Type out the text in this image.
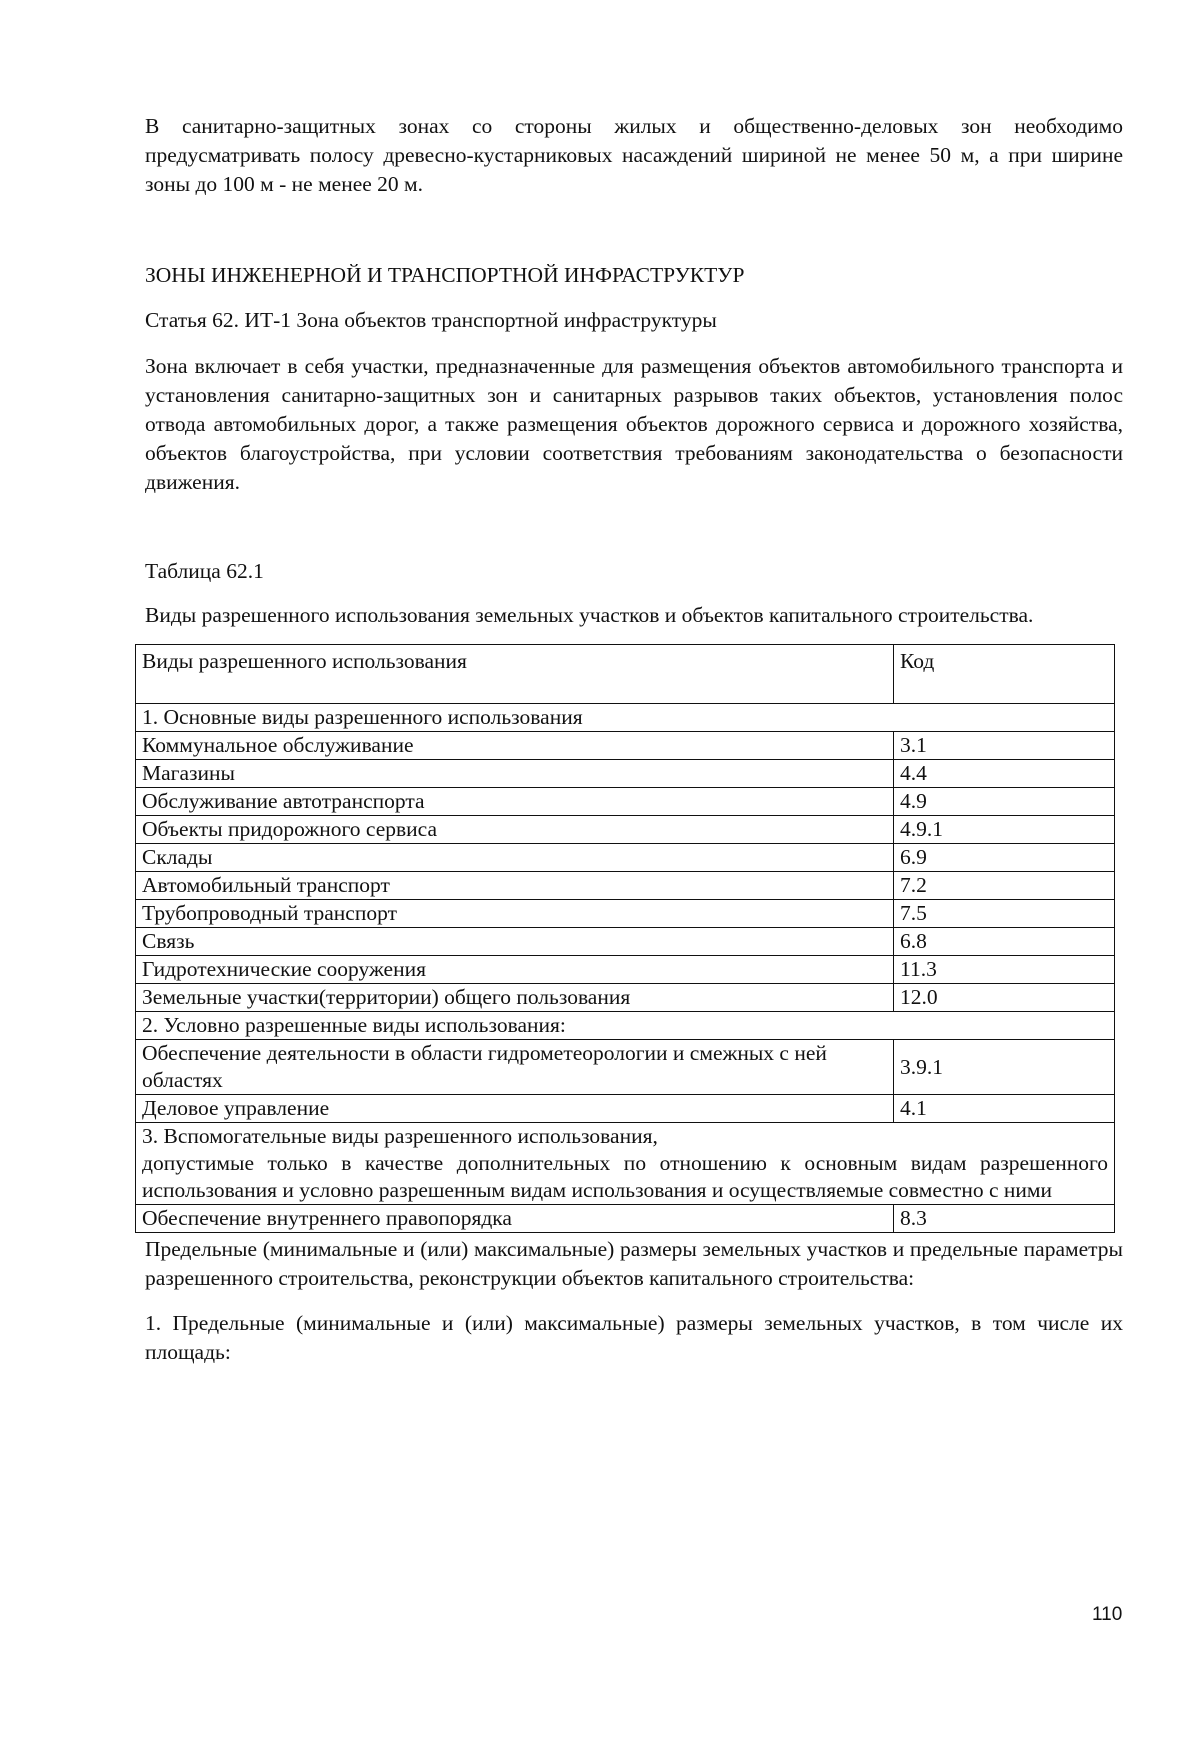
В санитарно-защитных зонах со стороны жилых и общественно-деловых зон необходимо предусматривать полосу древесно-кустарниковых насаждений шириной не менее 50 м, а при ширине зоны до 100 м - не менее 20 м.

ЗОНЫ ИНЖЕНЕРНОЙ И ТРАНСПОРТНОЙ ИНФРАСТРУКТУР

Статья 62. ИТ-1 Зона объектов транспортной инфраструктуры

Зона включает в себя участки, предназначенные для размещения объектов автомобильного транспорта и установления санитарно-защитных зон и санитарных разрывов таких объектов, установления полос отвода автомобильных дорог, а также размещения объектов дорожного сервиса и дорожного хозяйства, объектов благоустройства, при условии соответствия требованиям законодательства о безопасности движения.

Таблица 62.1

Виды разрешенного использования земельных участков и объектов капитального строительства.

Виды разрешенного использования	Код
1. Основные виды разрешенного использования	
Коммунальное обслуживание	3.1
Магазины	4.4
Обслуживание автотранспорта	4.9
Объекты придорожного сервиса	4.9.1
Склады	6.9
Автомобильный транспорт	7.2
Трубопроводный транспорт	7.5
Связь	6.8
Гидротехнические сооружения	11.3
Земельные участки(территории) общего пользования	12.0
2. Условно разрешенные виды использования:	
Обеспечение деятельности в области гидрометеорологии и смежных с ней областях	3.9.1
Деловое управление	4.1

3. Вспомогательные виды разрешенного использования,
допустимые только в качестве дополнительных по отношению к основным видам разрешенного использования и условно разрешенным видам использования и осуществляемые совместно с ними	

Обеспечение внутреннего правопорядка	8.3

Предельные (минимальные и (или) максимальные) размеры земельных участков и предельные параметры разрешенного строительства, реконструкции объектов капитального строительства:

1. Предельные (минимальные и (или) максимальные) размеры земельных участков, в том числе их площадь:

110
